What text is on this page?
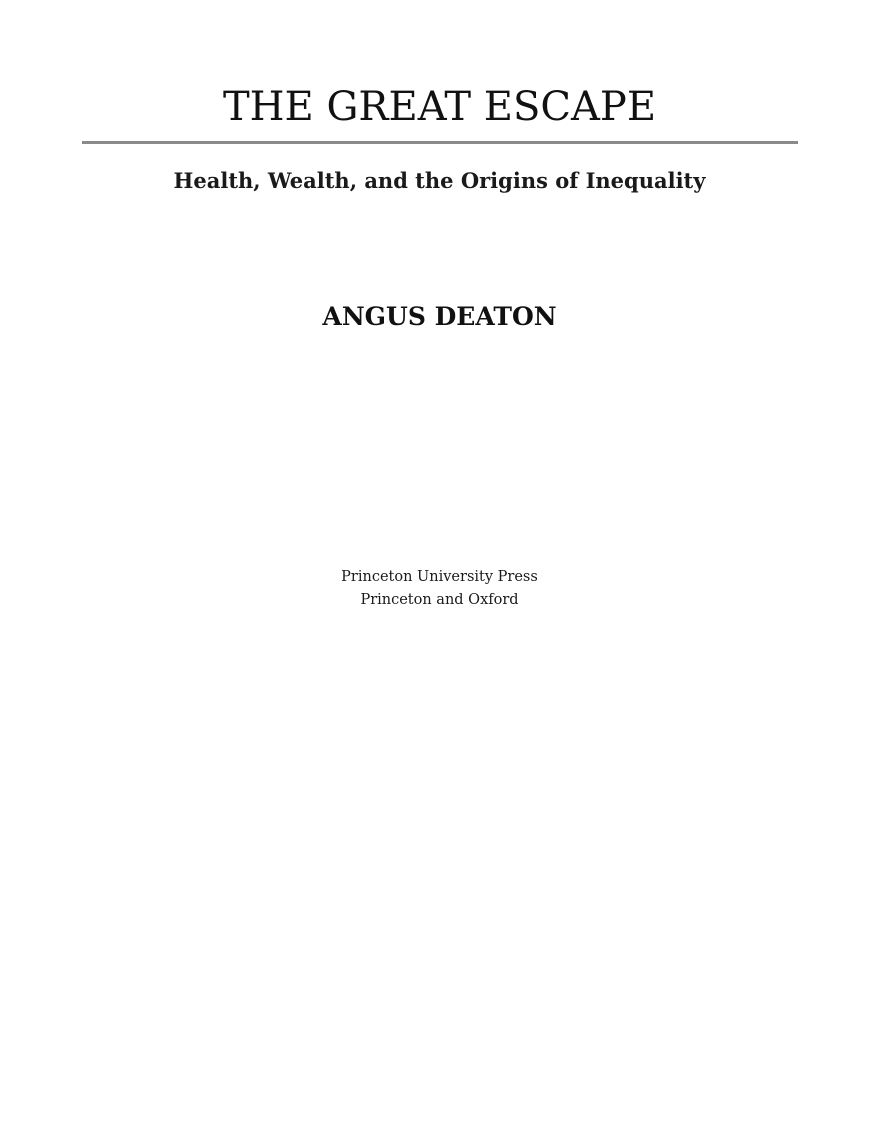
THE GREAT ESCAPE
Health, Wealth, and the Origins of Inequality
ANGUS DEATON
Princeton University Press
Princeton and Oxford
